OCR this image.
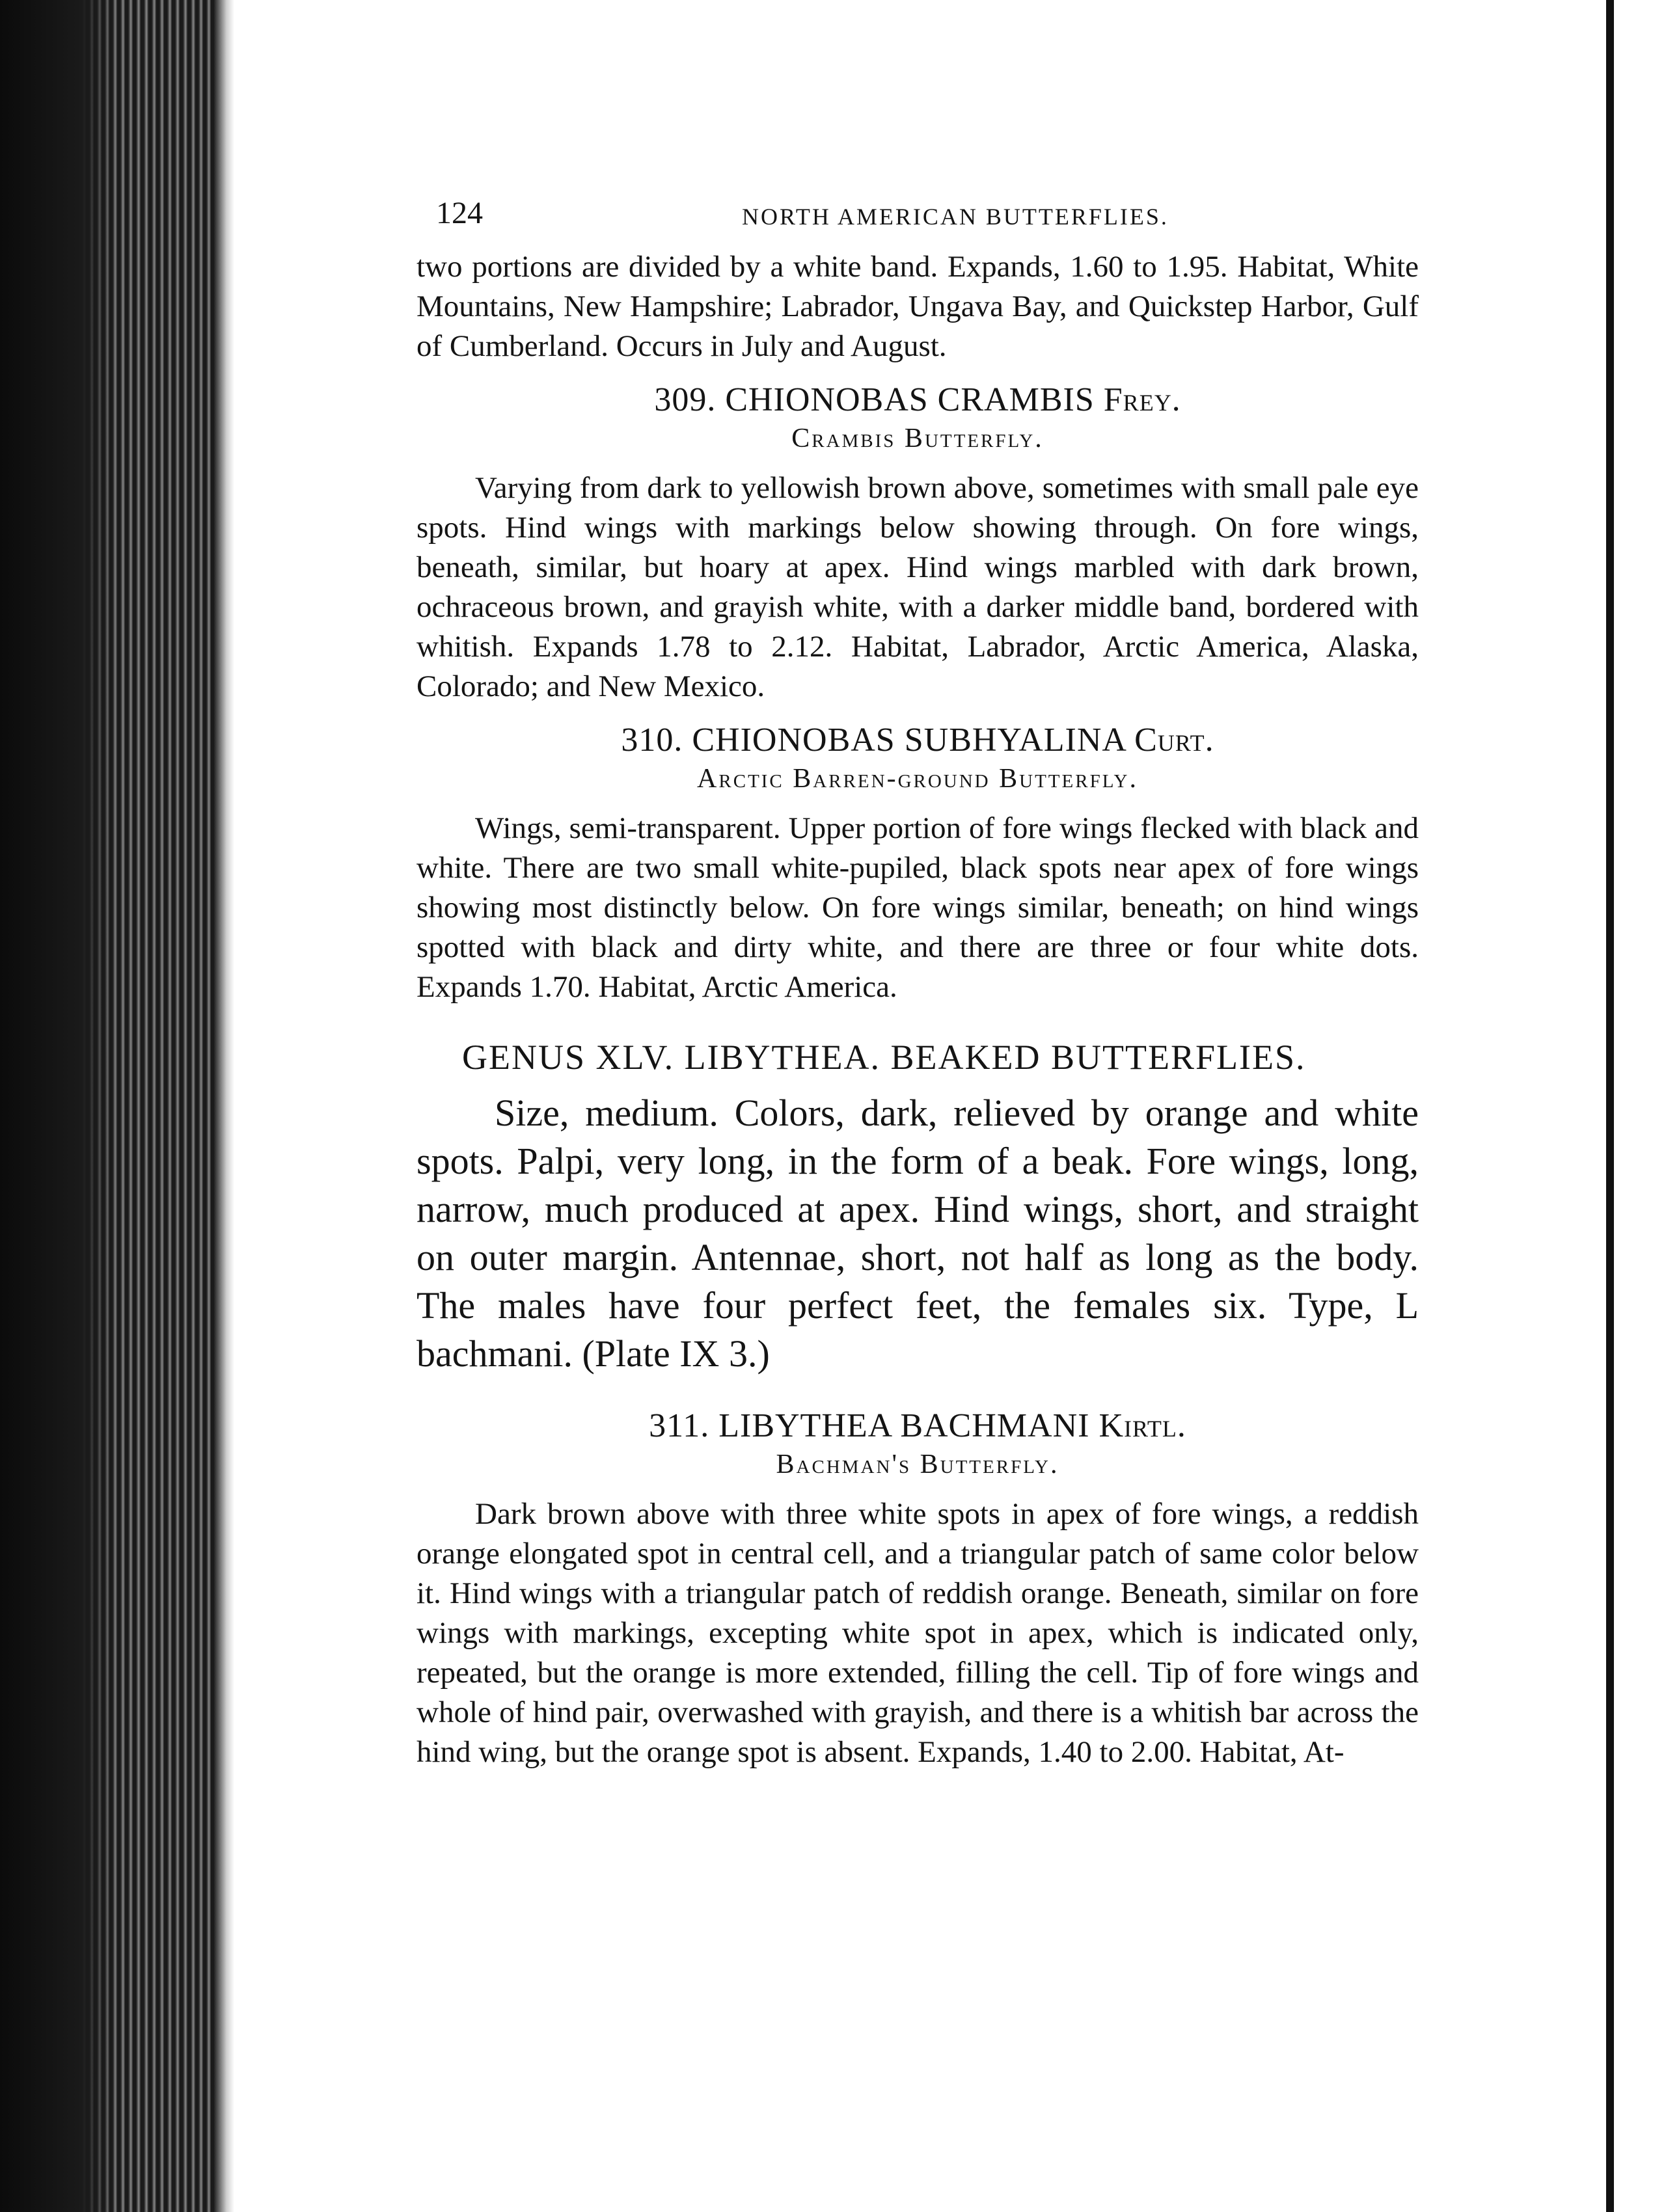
124	NORTH AMERICAN BUTTERFLIES.

two portions are divided by a white band. Expands, 1.60 to 1.95. Habitat, White Mountains, New Hampshire; Labrador, Ungava Bay, and Quickstep Harbor, Gulf of Cumberland. Occurs in July and August.

309. CHIONOBAS CRAMBIS Frey.
Crambis Butterfly.

Varying from dark to yellowish brown above, sometimes with small pale eye spots. Hind wings with markings below showing through. On fore wings, beneath, similar, but hoary at apex. Hind wings marbled with dark brown, ochraceous brown, and grayish white, with a darker middle band, bordered with whitish. Expands 1.78 to 2.12. Habitat, Labrador, Arctic America, Alaska, Colorado; and New Mexico.

310. CHIONOBAS SUBHYALINA Curt.
Arctic Barren-ground Butterfly.

Wings, semi-transparent. Upper portion of fore wings flecked with black and white. There are two small white-pupiled, black spots near apex of fore wings showing most distinctly below. On fore wings similar, beneath; on hind wings spotted with black and dirty white, and there are three or four white dots. Expands 1.70. Habitat, Arctic America.

GENUS XLV. LIBYTHEA. BEAKED BUTTERFLIES.

Size, medium. Colors, dark, relieved by orange and white spots. Palpi, very long, in the form of a beak. Fore wings, long, narrow, much produced at apex. Hind wings, short, and straight on outer margin. Antennae, short, not half as long as the body. The males have four perfect feet, the females six. Type, L bachmani. (Plate IX 3.)

311. LIBYTHEA BACHMANI Kirtl.
Bachman's Butterfly.

Dark brown above with three white spots in apex of fore wings, a reddish orange elongated spot in central cell, and a triangular patch of same color below it. Hind wings with a triangular patch of reddish orange. Beneath, similar on fore wings with markings, excepting white spot in apex, which is indicated only, repeated, but the orange is more extended, filling the cell. Tip of fore wings and whole of hind pair, overwashed with grayish, and there is a whitish bar across the hind wing, but the orange spot is absent. Expands, 1.40 to 2.00. Habitat, At-
